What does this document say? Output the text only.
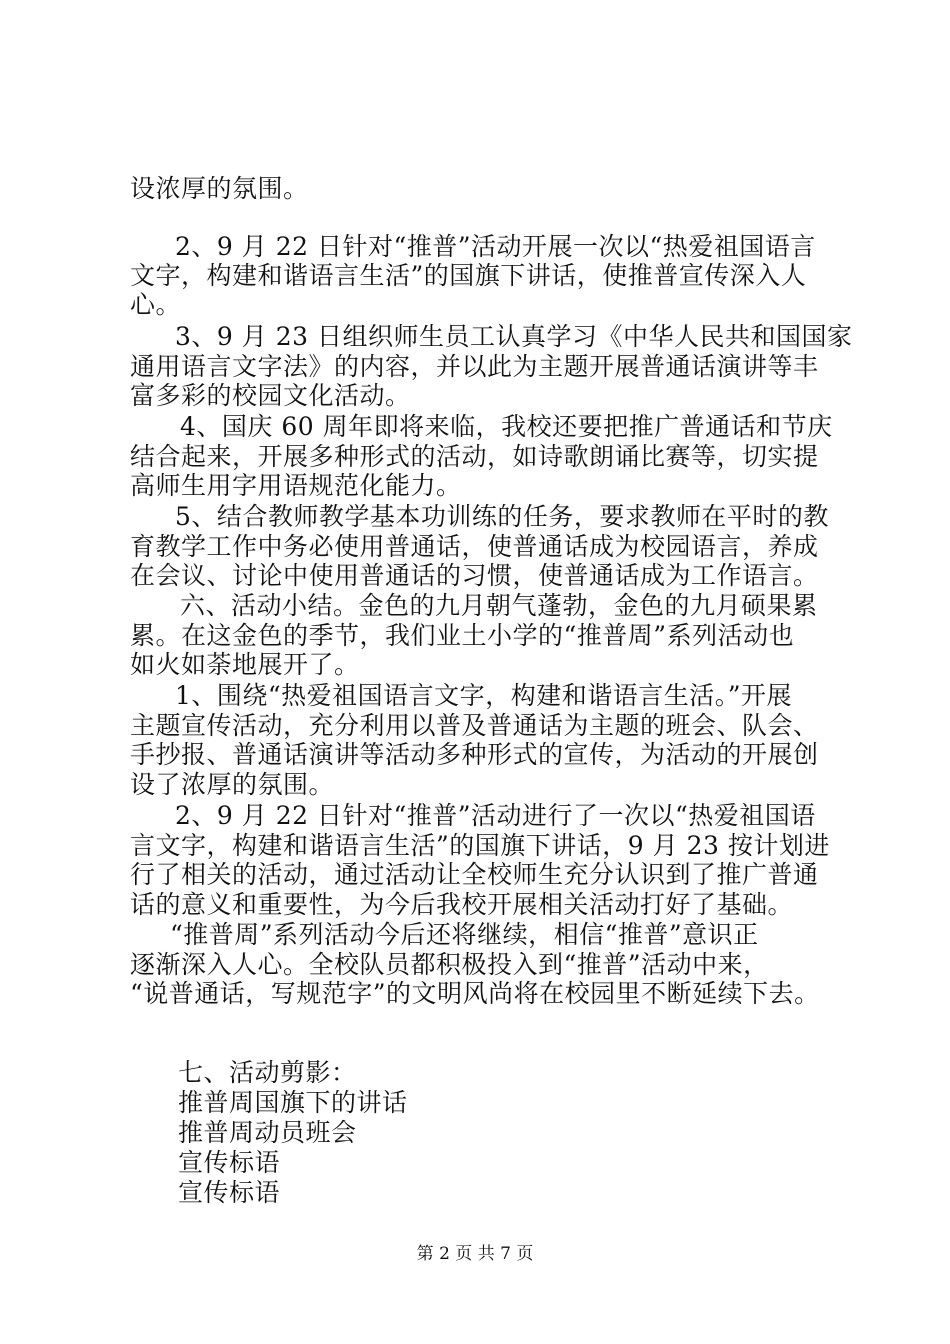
设浓厚的氛围。
2、9 月 22 日针对“推普”活动开展一次以“热爱祖国语言
文字，构建和谐语言生活”的国旗下讲话，使推普宣传深入人
心。
3、9 月 23 日组织师生员工认真学习《中华人民共和国国家
通用语言文字法》的内容，并以此为主题开展普通话演讲等丰
富多彩的校园文化活动。
4、国庆 60 周年即将来临，我校还要把推广普通话和节庆
结合起来，开展多种形式的活动，如诗歌朗诵比赛等，切实提
高师生用字用语规范化能力。
5、结合教师教学基本功训练的任务，要求教师在平时的教
育教学工作中务必使用普通话，使普通话成为校园语言，养成
在会议、讨论中使用普通话的习惯，使普通话成为工作语言。
六、活动小结。金色的九月朝气蓬勃，金色的九月硕果累
累。在这金色的季节，我们业土小学的“推普周”系列活动也
如火如荼地展开了。
1、围绕“热爱祖国语言文字，构建和谐语言生活。”开展
主题宣传活动，充分利用以普及普通话为主题的班会、队会、
手抄报、普通话演讲等活动多种形式的宣传，为活动的开展创
设了浓厚的氛围。
2、9 月 22 日针对“推普”活动进行了一次以“热爱祖国语
言文字，构建和谐语言生活”的国旗下讲话，9 月 23 按计划进
行了相关的活动，通过活动让全校师生充分认识到了推广普通
话的意义和重要性，为今后我校开展相关活动打好了基础。
“推普周”系列活动今后还将继续，相信“推普”意识正
逐渐深入人心。全校队员都积极投入到“推普”活动中来，
“说普通话，写规范字”的文明风尚将在校园里不断延续下去。
七、活动剪影：
推普周国旗下的讲话
推普周动员班会
宣传标语
宣传标语
第 2 页 共 7 页
